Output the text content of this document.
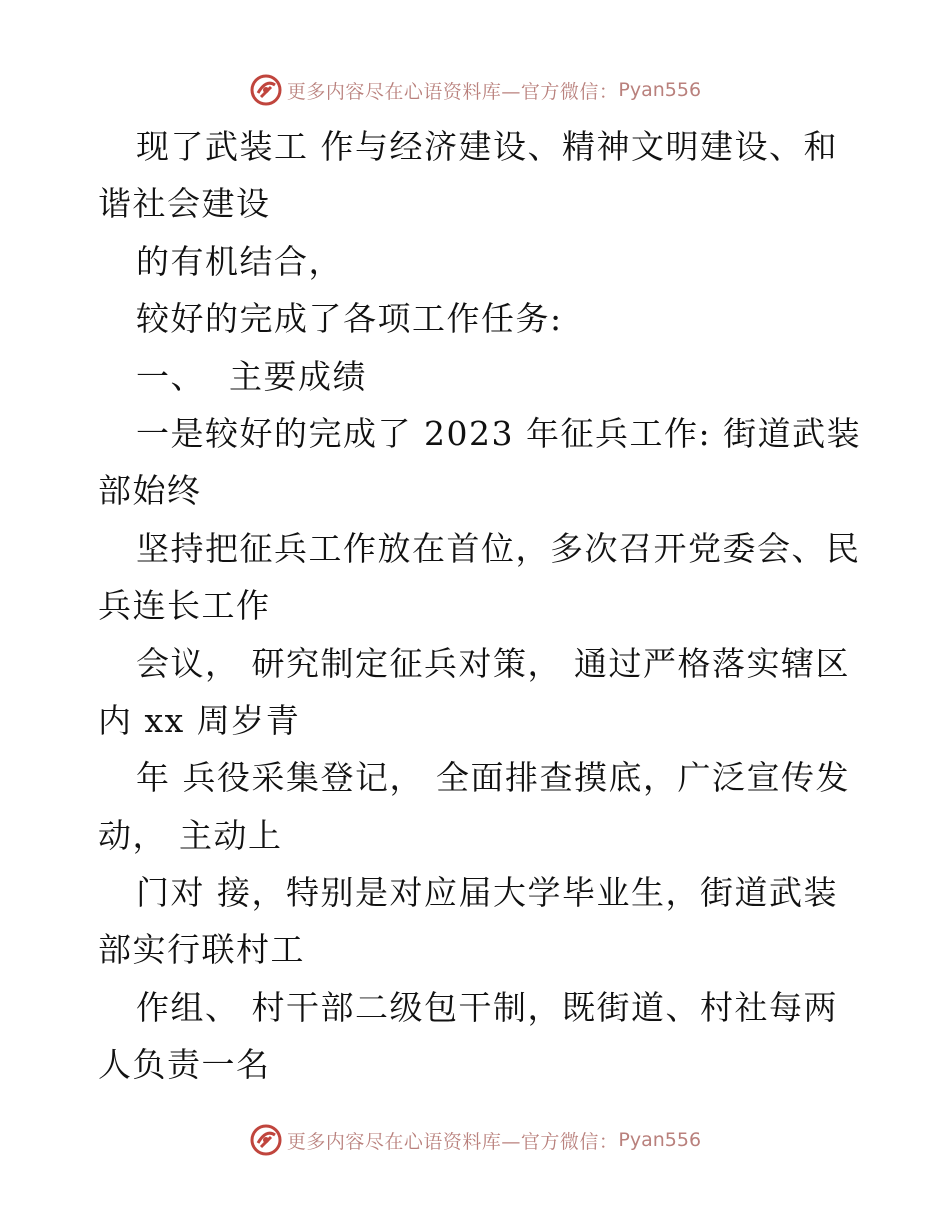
更多内容尽在心语资料库—官方微信： Pyan556
现了武装工 作与经济建设、精神文明建设、和
谐社会建设
的有机结合，
较好的完成了各项工作任务:
一、  主要成绩
一是较好的完成了 2023 年征兵工作: 街道武装
部始终
坚持把征兵工作放在首位，多次召开党委会、民
兵连长工作
会议， 研究制定征兵对策， 通过严格落实辖区
内 xx 周岁青
年 兵役采集登记， 全面排查摸底，广泛宣传发
动， 主动上
门对 接，特别是对应届大学毕业生，街道武装
部实行联村工
作组、 村干部二级包干制，既街道、村社每两
人负责一名
更多内容尽在心语资料库—官方微信： Pyan556
